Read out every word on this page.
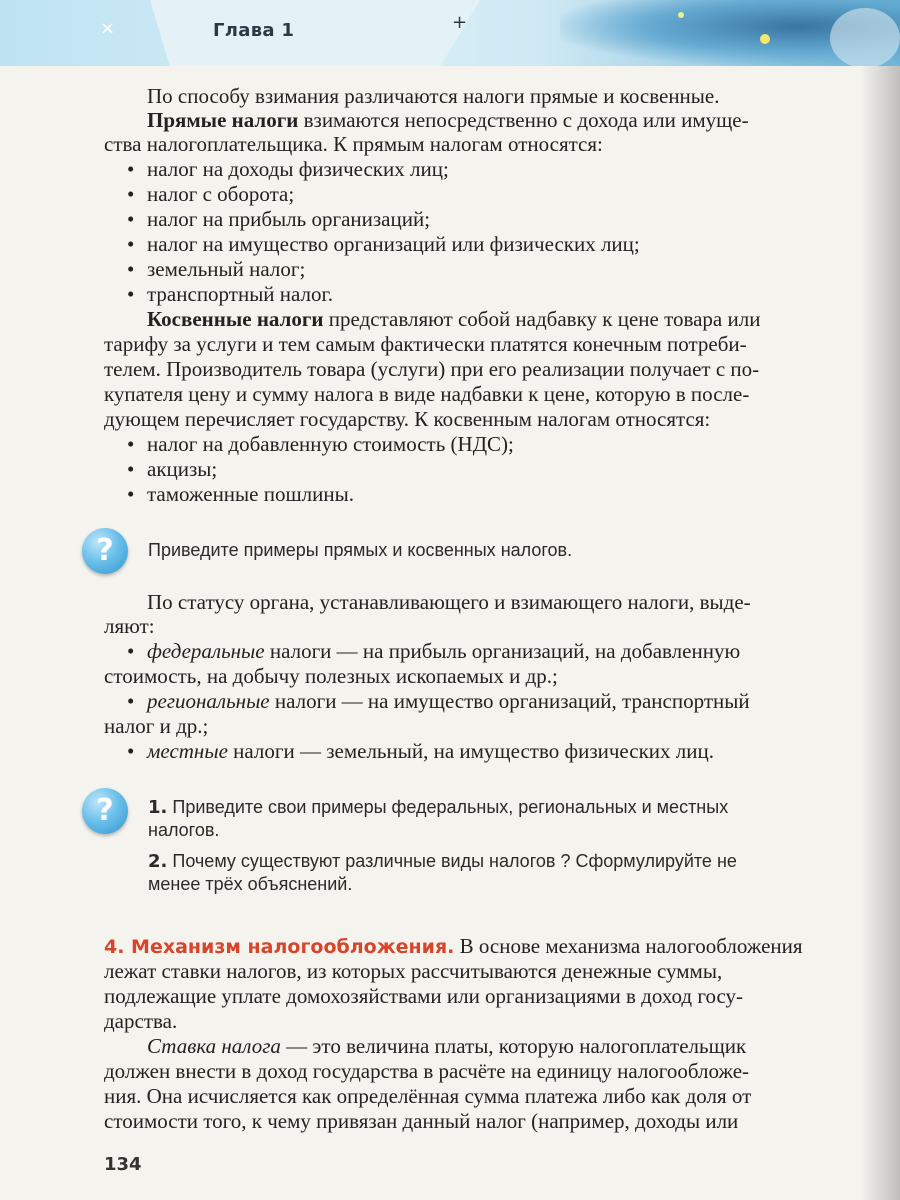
×	+
Глава 1
По способу взимания различаются налоги прямые и косвенные.
Прямые налоги взимаются непосредственно с дохода или имуще-
ства налогоплательщика. К прямым налогам относятся:
• налог на доходы физических лиц;
• налог с оборота;
• налог на прибыль организаций;
• налог на имущество организаций или физических лиц;
• земельный налог;
• транспортный налог.
Косвенные налоги представляют собой надбавку к цене товара или
тарифу за услуги и тем самым фактически платятся конечным потреби-
телем. Производитель товара (услуги) при его реализации получает с по-
купателя цену и сумму налога в виде надбавки к цене, которую в после-
дующем перечисляет государству. К косвенным налогам относятся:
• налог на добавленную стоимость (НДС);
• акцизы;
• таможенные пошлины.
?	Приведите примеры прямых и косвенных налогов.
По статусу органа, устанавливающего и взимающего налоги, выде-
ляют:
• федеральные налоги — на прибыль организаций, на добавленную
стоимость, на добычу полезных ископаемых и др.;
• региональные налоги — на имущество организаций, транспортный
налог и др.;
• местные налоги — земельный, на имущество физических лиц.
?	1. Приведите свои примеры федеральных, региональных и местных
налогов.
2. Почему существуют различные виды налогов ? Сформулируйте не
менее трёх объяснений.
4. Механизм налогообложения. В основе механизма налогообложения
лежат ставки налогов, из которых рассчитываются денежные суммы,
подлежащие уплате домохозяйствами или организациями в доход госу-
дарства.
Ставка налога — это величина платы, которую налогоплательщик
должен внести в доход государства в расчёте на единицу налогообложе-
ния. Она исчисляется как определённая сумма платежа либо как доля от
стоимости того, к чему привязан данный налог (например, доходы или
134
